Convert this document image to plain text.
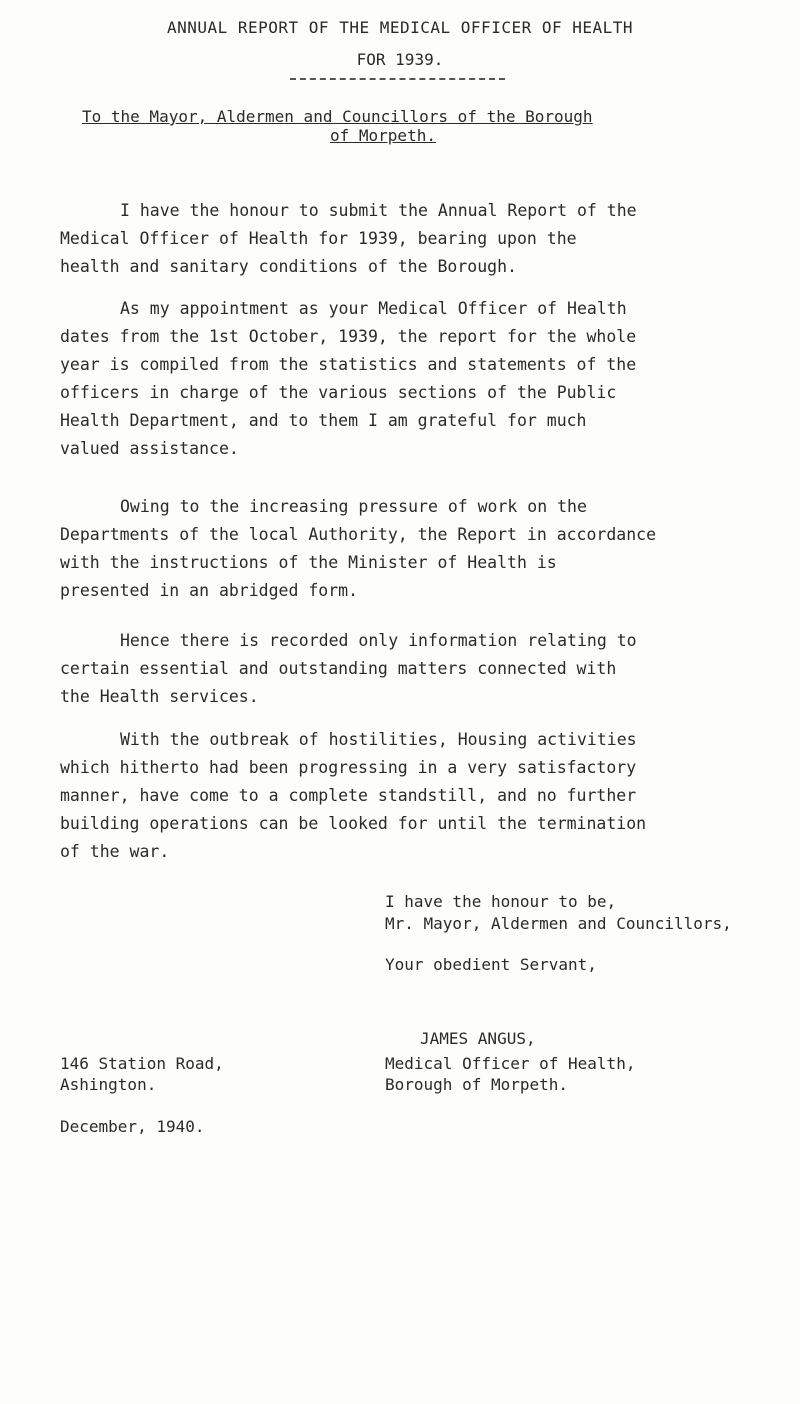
ANNUAL REPORT OF THE MEDICAL OFFICER OF HEALTH
FOR 1939.
To the Mayor, Aldermen and Councillors of the Borough
of Morpeth.
I have the honour to submit the Annual Report of the
Medical Officer of Health for 1939, bearing upon the
health and sanitary conditions of the Borough.
As my appointment as your Medical Officer of Health
dates from the 1st October, 1939, the report for the whole
year is compiled from the statistics and statements of the
officers in charge of the various sections of the Public
Health Department, and to them I am grateful for much
valued assistance.
Owing to the increasing pressure of work on the
Departments of the local Authority, the Report in accordance
with the instructions of the Minister of Health is
presented in an abridged form.
Hence there is recorded only information relating to
certain essential and outstanding matters connected with
the Health services.
With the outbreak of hostilities, Housing activities
which hitherto had been progressing in a very satisfactory
manner, have come to a complete standstill, and no further
building operations can be looked for until the termination
of the war.
I have the honour to be,
Mr. Mayor, Aldermen and Councillors,
Your obedient Servant,
JAMES ANGUS,
Medical Officer of Health,
Borough of Morpeth.
146 Station Road,
Ashington.
December, 1940.
